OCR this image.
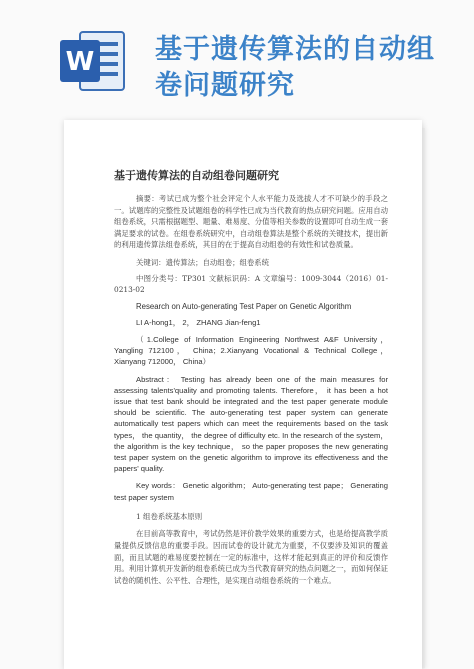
W 基于遗传算法的自动组卷问题研究
基于遗传算法的自动组卷问题研究
摘要：考试已成为整个社会评定个人水平能力及选拔人才不可缺少的手段之一。试题库的完整性及试题组卷的科学性已成为当代教育的热点研究问题。应用自动组卷系统，只需根据题型、题量、难易度、分值等相关参数的设置即可自动生成一套满足要求的试卷。在组卷系统研究中，自动组卷算法是整个系统的关键技术，提出新的利用遗传算法组卷系统，其目的在于提高自动组卷的有效性和试卷质量。
关键词：遗传算法；自动组卷；组卷系统
中图分类号：TP301 文献标识码：A 文章编号：1009-3044（2016）01-0213-02
Research on Auto-generating Test Paper on Genetic Algorithm
LI A-hong1， 2， ZHANG Jian-feng1
（1.College of Information Engineering Northwest A&F University，Yangling 712100， China；2.Xianyang Vocational & Technical College，Xianyang 712000， China）
Abstract： Testing has already been one of the main measures for assessing talents'quality and promoting talents. Therefore， it has been a hot issue that test bank should be integrated and the test paper generate module should be scientific. The auto-generating test paper system can generate automatically test papers which can meet the requirements based on the task types， the quantity， the degree of difficulty etc. In the research of the system， the algorithm is the key technique， so the paper proposes the new generating test paper system on the genetic algorithm to improve its effectiveness and the papers' quality.
Key words： Genetic algorithm； Auto-generating test pape； Generating test paper system
1 组卷系统基本原则
在目前高等教育中，考试仍然是评价教学效果的重要方式，也是给提高教学质量提供反馈信息的重要手段。因而试卷的设计就尤为重要，不仅要涉及知识的覆盖面，而且试题的难易度要控制在一定的标准中，这样才能起到真正的评价和反馈作用。利用计算机开发新的组卷系统已成为当代教育研究的热点问题之一，而如何保证试卷的随机性、公平性、合理性，是实现自动组卷系统的一个难点。
